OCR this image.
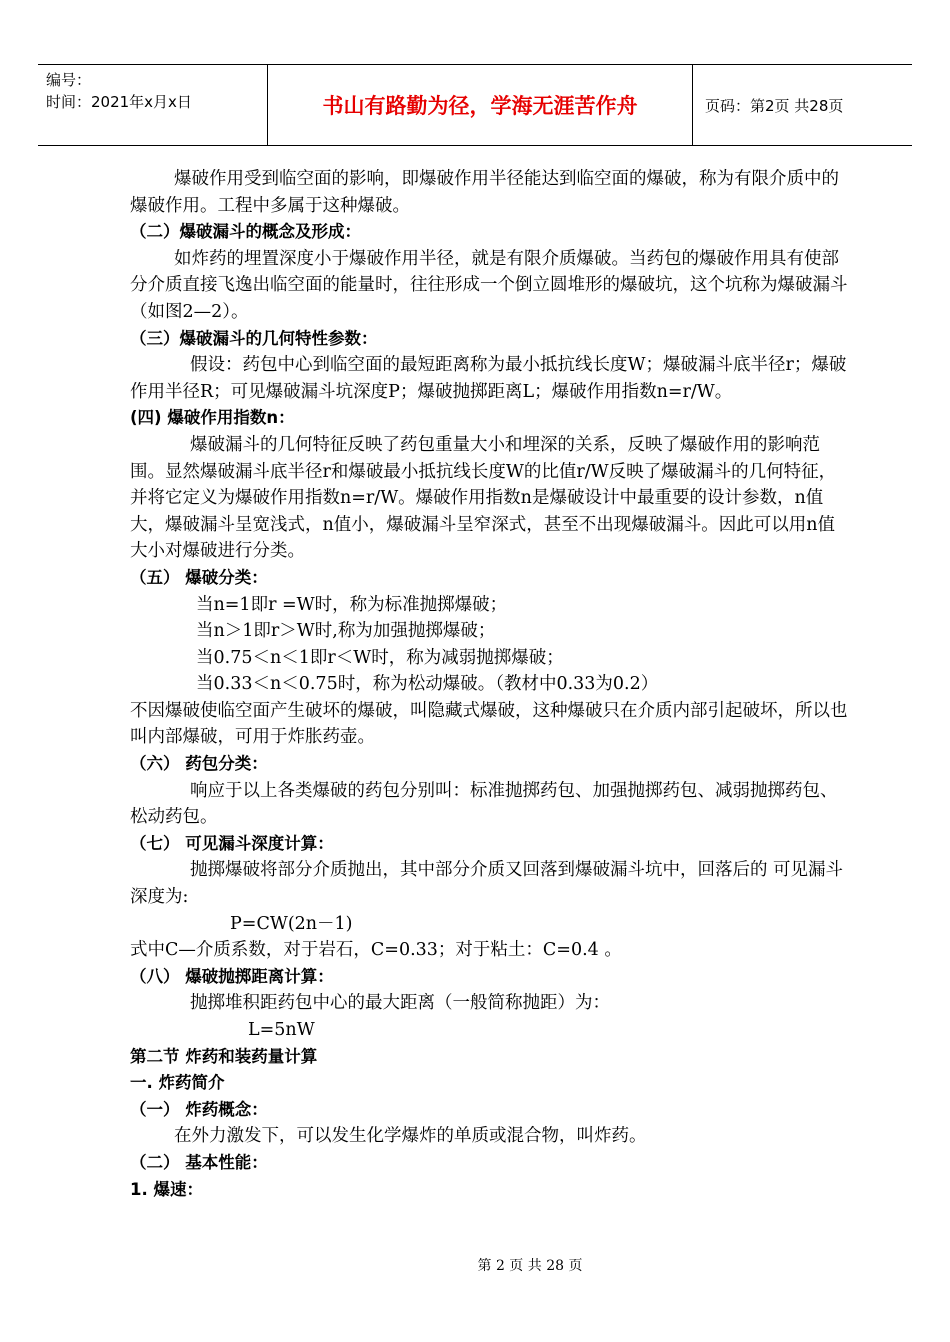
编号：
时间：2021年x月x日	书山有路勤为径，学海无涯苦作舟	页码：第2页 共28页

爆破作用受到临空面的影响，即爆破作用半径能达到临空面的爆破，称为有限介质中的爆破作用。工程中多属于这种爆破。

（二）爆破漏斗的概念及形成：

如炸药的埋置深度小于爆破作用半径，就是有限介质爆破。当药包的爆破作用具有使部分介质直接飞逸出临空面的能量时，往往形成一个倒立圆堆形的爆破坑，这个坑称为爆破漏斗（如图2—2）。

（三）爆破漏斗的几何特性参数：

假设：药包中心到临空面的最短距离称为最小抵抗线长度W；爆破漏斗底半径r；爆破作用半径R；可见爆破漏斗坑深度P；爆破抛掷距离L；爆破作用指数n=r/W。

(四) 爆破作用指数n：

爆破漏斗的几何特征反映了药包重量大小和埋深的关系，反映了爆破作用的影响范围。显然爆破漏斗底半径r和爆破最小抵抗线长度W的比值r/W反映了爆破漏斗的几何特征，并将它定义为爆破作用指数n=r/W。爆破作用指数n是爆破设计中最重要的设计参数，n值大，爆破漏斗呈宽浅式，n值小，爆破漏斗呈窄深式，甚至不出现爆破漏斗。因此可以用n值大小对爆破进行分类。

（五） 爆破分类：

当n=1即r =W时，称为标准抛掷爆破；

当n＞1即r＞W时,称为加强抛掷爆破；

当0.75＜n＜1即r＜W时，称为减弱抛掷爆破；

当0.33＜n＜0.75时，称为松动爆破。（教材中0.33为0.2）

不因爆破使临空面产生破坏的爆破，叫隐藏式爆破，这种爆破只在介质内部引起破坏，所以也叫内部爆破，可用于炸胀药壶。

（六） 药包分类：

响应于以上各类爆破的药包分别叫：标准抛掷药包、加强抛掷药包、减弱抛掷药包、松动药包。

（七） 可见漏斗深度计算：

抛掷爆破将部分介质抛出，其中部分介质又回落到爆破漏斗坑中，回落后的 可见漏斗深度为:

P=CW(2n－1)

式中C—介质系数，对于岩石，C=0.33；对于粘土：C=0.4 。

（八） 爆破抛掷距离计算：

抛掷堆积距药包中心的最大距离（一般简称抛距）为：

L=5nW

第二节 炸药和装药量计算

一. 炸药简介

（一） 炸药概念：

在外力激发下，可以发生化学爆炸的单质或混合物，叫炸药。

（二） 基本性能：

1. 爆速：

第 2 页 共 28 页
